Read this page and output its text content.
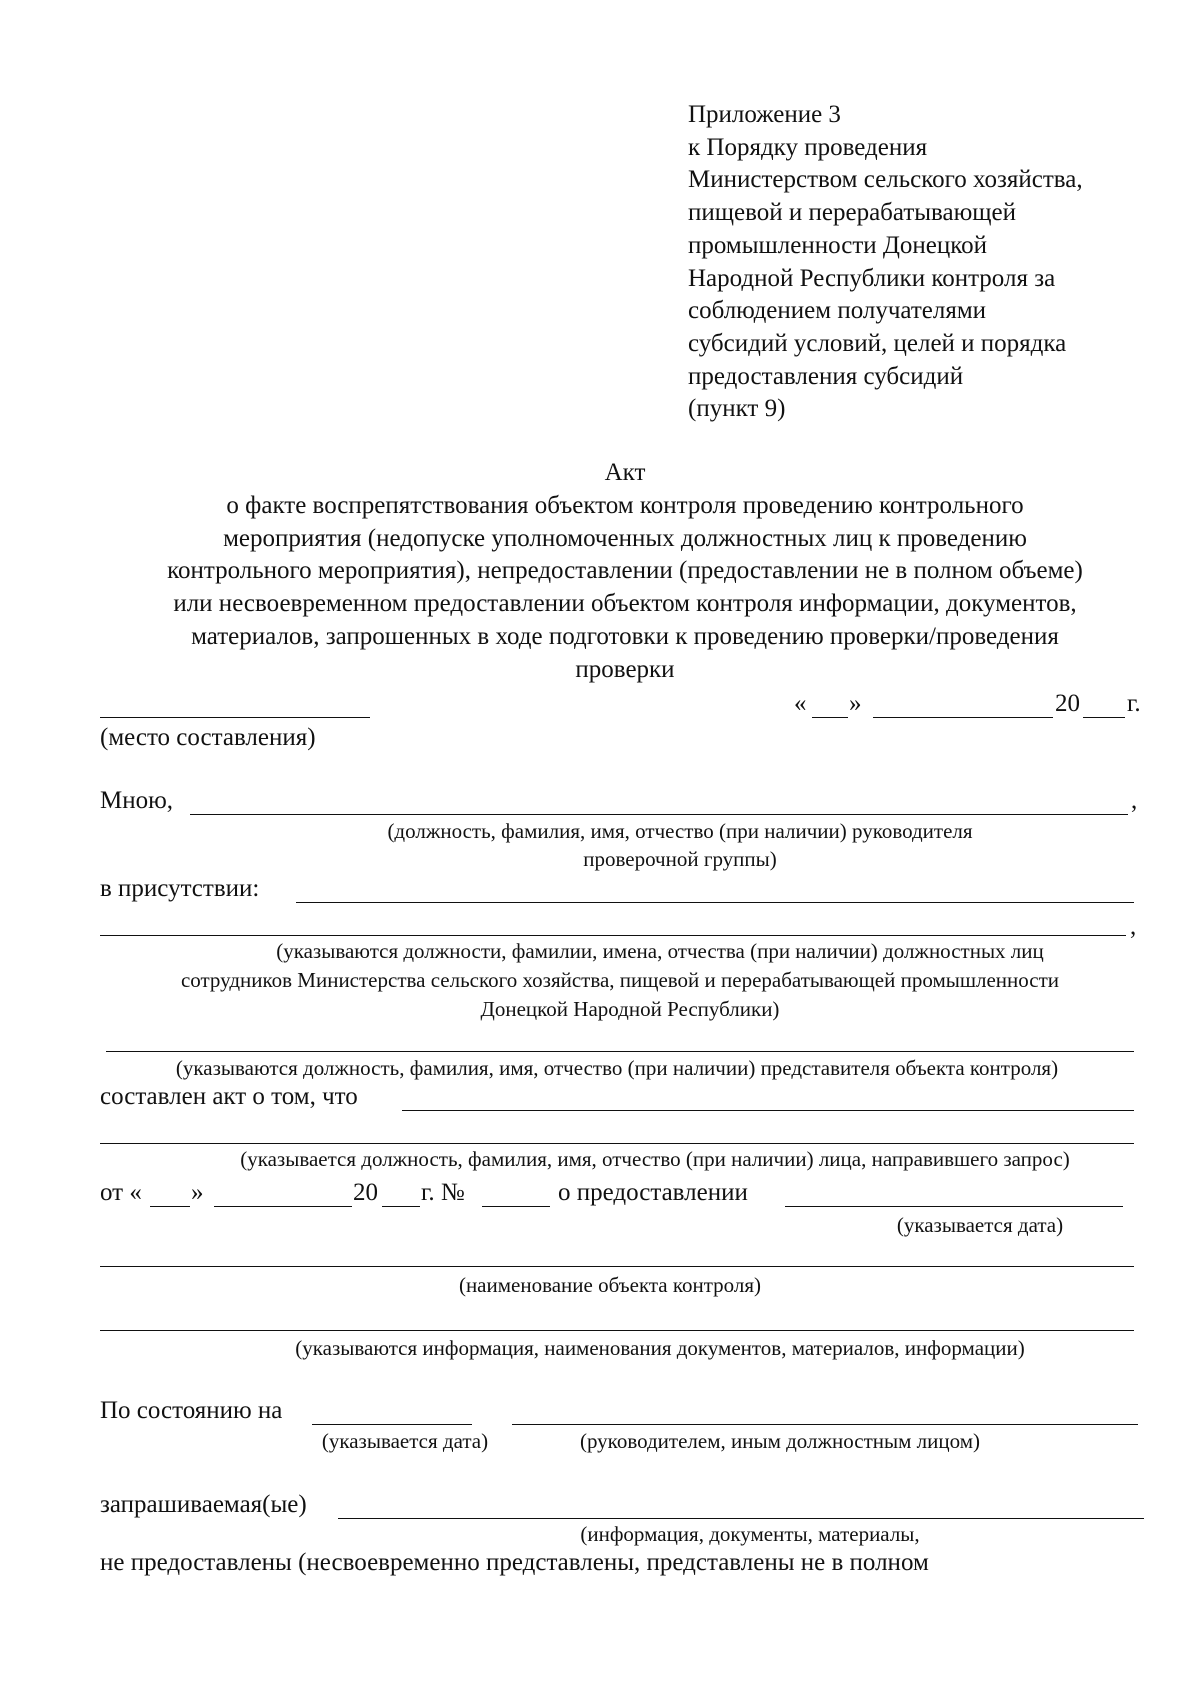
Приложение 3
к Порядку проведения
Министерством сельского хозяйства,
пищевой и перерабатывающей
промышленности Донецкой
Народной Республики контроля за
соблюдением получателями
субсидий условий, целей и порядка
предоставления субсидий
(пункт 9)
Акт
о факте воспрепятствования объектом контроля проведению контрольного
мероприятия (недопуске уполномоченных должностных лиц к проведению
контрольного мероприятия), непредоставлении (предоставлении не в полном объеме)
или несвоевременном предоставлении объектом контроля информации, документов,
материалов, запрошенных в ходе подготовки к проведению проверки/проведения
проверки
(место составления)
« »	20 г.
Мною,	,
(должность, фамилия, имя, отчество (при наличии) руководителя
проверочной группы)
в присутствии:
,
(указываются должности, фамилии, имена, отчества (при наличии) должностных лиц
сотрудников Министерства сельского хозяйства, пищевой и перерабатывающей промышленности
Донецкой Народной Республики)
(указываются должность, фамилия, имя, отчество (при наличии) представителя объекта контроля)
составлен акт о том, что
(указывается должность, фамилия, имя, отчество (при наличии) лица, направившего запрос)
от « »	20 г. №	о предоставлении
(указывается дата)
(наименование объекта контроля)
(указываются информация, наименования документов, материалов, информации)
По состоянию на
(указывается дата)	(руководителем, иным должностным лицом)
запрашиваемая(ые)
(информация, документы, материалы,
не предоставлены (несвоевременно представлены, представлены не в полном
